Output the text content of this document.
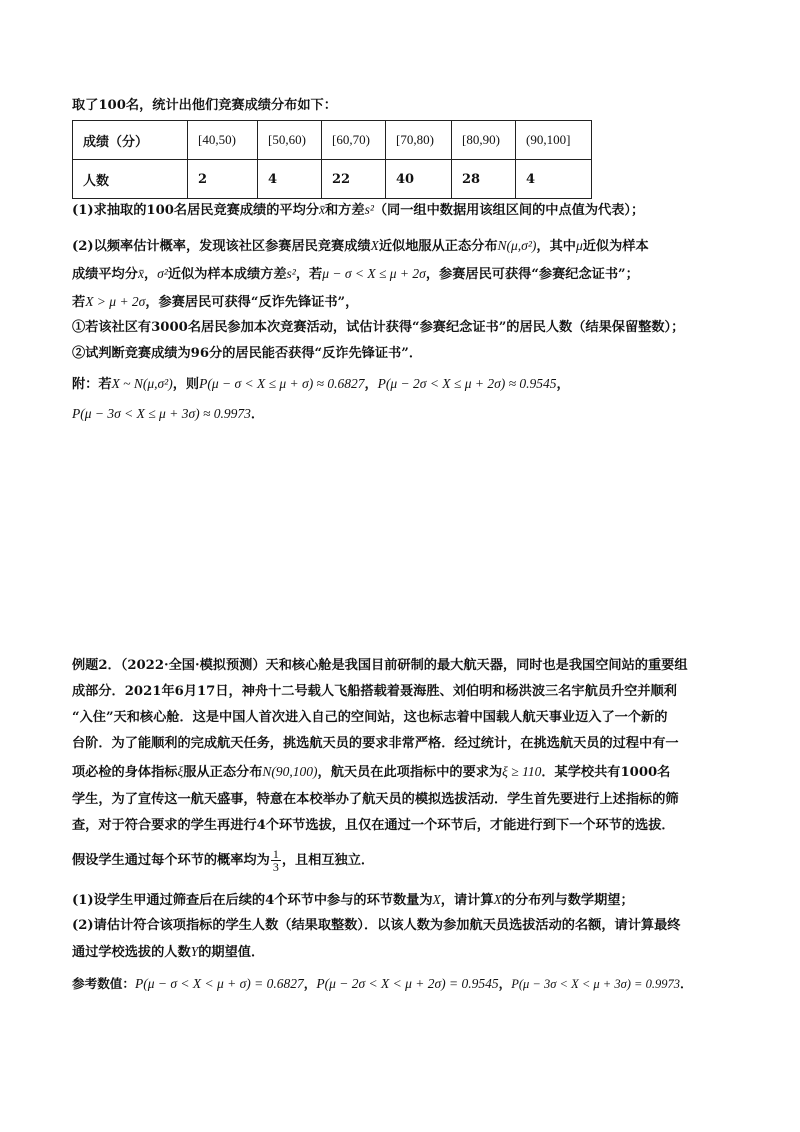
取了100名，统计出他们竞赛成绩分布如下：
成绩（分）	[40,50)	[50,60)	[60,70)	[70,80)	[80,90)	(90,100]
人数	2	4	22	40	28	4
(1)求抽取的100名居民竞赛成绩的平均分x̄和方差s²（同一组中数据用该组区间的中点值为代表）；
(2)以频率估计概率，发现该社区参赛居民竞赛成绩X近似地服从正态分布N(μ,σ²)，其中μ近似为样本
成绩平均分x̄，σ²近似为样本成绩方差s²，若μ − σ < X ≤ μ + 2σ，参赛居民可获得“参赛纪念证书”；
若X > μ + 2σ，参赛居民可获得“反诈先锋证书”，
①若该社区有3000名居民参加本次竞赛活动，试估计获得“参赛纪念证书”的居民人数（结果保留整数）；
②试判断竞赛成绩为96分的居民能否获得“反诈先锋证书”．
附：若X ~ N(μ,σ²)，则P(μ − σ < X ≤ μ + σ) ≈ 0.6827，P(μ − 2σ < X ≤ μ + 2σ) ≈ 0.9545，
P(μ − 3σ < X ≤ μ + 3σ) ≈ 0.9973．
例题2．（2022·全国·模拟预测）天和核心舱是我国目前研制的最大航天器，同时也是我国空间站的重要组
成部分．2021年6月17日，神舟十二号载人飞船搭载着聂海胜、刘伯明和杨洪波三名宇航员升空并顺利
“入住”天和核心舱．这是中国人首次进入自己的空间站，这也标志着中国载人航天事业迈入了一个新的
台阶．为了能顺利的完成航天任务，挑选航天员的要求非常严格．经过统计，在挑选航天员的过程中有一
项必检的身体指标ξ服从正态分布N(90,100)，航天员在此项指标中的要求为ξ ≥ 110．某学校共有1000名
学生，为了宣传这一航天盛事，特意在本校举办了航天员的模拟选拔活动．学生首先要进行上述指标的筛
查，对于符合要求的学生再进行4个环节选拔，且仅在通过一个环节后，才能进行到下一个环节的选拔．
假设学生通过每个环节的概率均为 $\frac{1}{3}$ ，且相互独立．
(1)设学生甲通过筛查后在后续的4个环节中参与的环节数量为X，请计算X的分布列与数学期望；
(2)请估计符合该项指标的学生人数（结果取整数）．以该人数为参加航天员选拔活动的名额，请计算最终
通过学校选拔的人数Y的期望值．
参考数值：P(μ − σ < X < μ + σ) = 0.6827，P(μ − 2σ < X < μ + 2σ) = 0.9545，P(μ − 3σ < X < μ + 3σ) = 0.9973．
